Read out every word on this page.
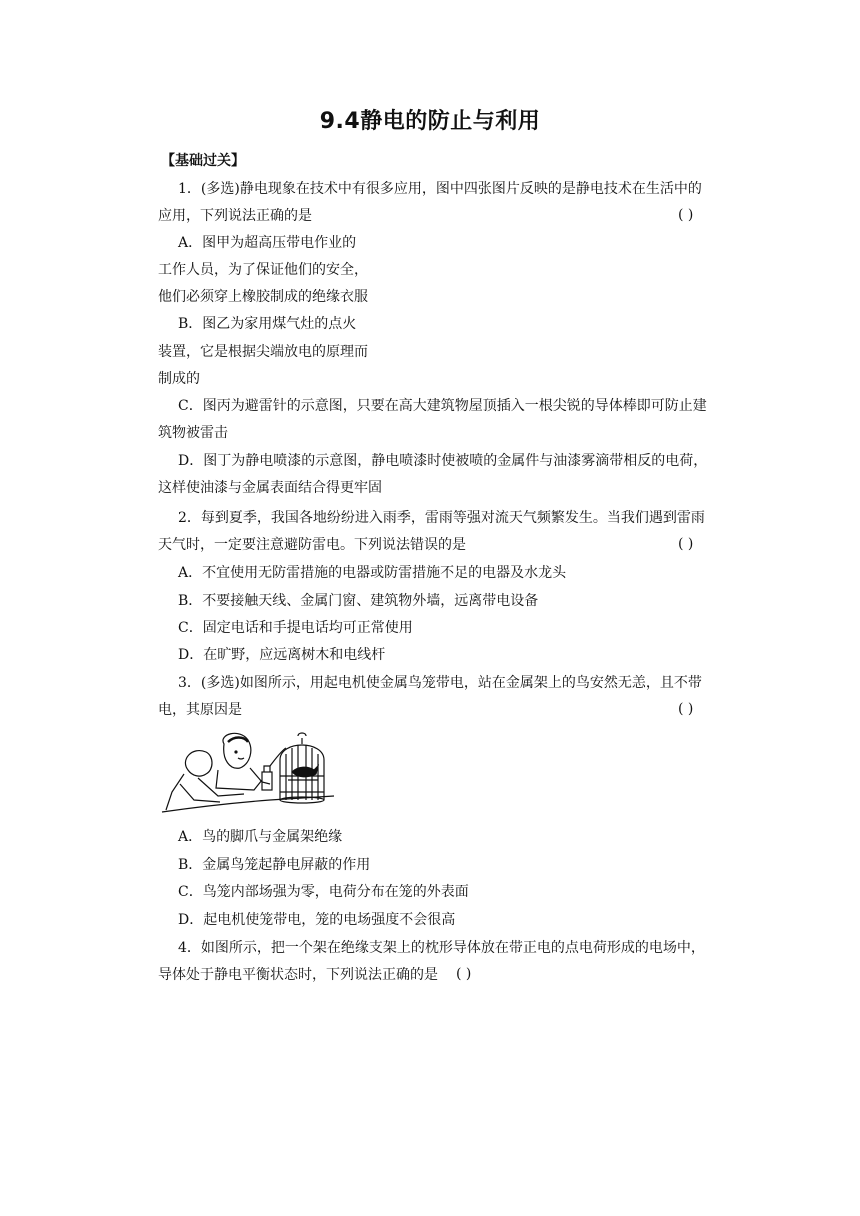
9.4静电的防止与利用
【基础过关】
1．(多选)静电现象在技术中有很多应用，图中四张图片反映的是静电技术在生活中的
应用，下列说法正确的是	( )
A．图甲为超高压带电作业的
工作人员，为了保证他们的安全，
他们必须穿上橡胶制成的绝缘衣服
B．图乙为家用煤气灶的点火
装置，它是根据尖端放电的原理而
制成的
C．图丙为避雷针的示意图，只要在高大建筑物屋顶插入一根尖锐的导体棒即可防止建
筑物被雷击
D．图丁为静电喷漆的示意图，静电喷漆时使被喷的金属件与油漆雾滴带相反的电荷，
这样使油漆与金属表面结合得更牢固
2．每到夏季，我国各地纷纷进入雨季，雷雨等强对流天气频繁发生。当我们遇到雷雨
天气时，一定要注意避防雷电。下列说法错误的是	( )
A．不宜使用无防雷措施的电器或防雷措施不足的电器及水龙头
B．不要接触天线、金属门窗、建筑物外墙，远离带电设备
C．固定电话和手提电话均可正常使用
D．在旷野，应远离树木和电线杆
3．(多选)如图所示，用起电机使金属鸟笼带电，站在金属架上的鸟安然无恙，且不带
电，其原因是	( )
A．鸟的脚爪与金属架绝缘
B．金属鸟笼起静电屏蔽的作用
C．鸟笼内部场强为零，电荷分布在笼的外表面
D．起电机使笼带电，笼的电场强度不会很高
4．如图所示，把一个架在绝缘支架上的枕形导体放在带正电的点电荷形成的电场中，
导体处于静电平衡状态时，下列说法正确的是 ( )
